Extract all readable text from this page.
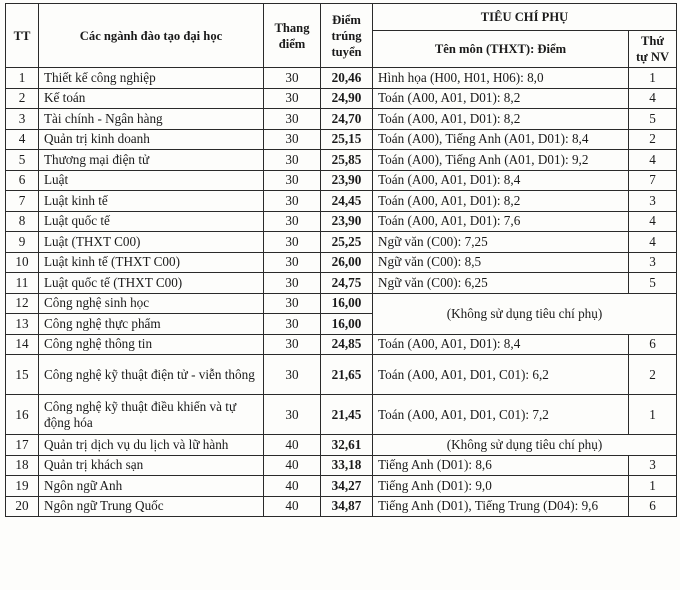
TT	Các ngành đào tạo đại học	Thang điểm	Điểm trúng tuyển	TIÊU CHÍ PHỤ	
				Tên môn (THXT): Điểm	Thứ tự NV
1	Thiết kế công nghiệp	30	20,46	Hình họa (H00, H01, H06): 8,0	1
2	Kế toán	30	24,90	Toán (A00, A01, D01): 8,2	4
3	Tài chính - Ngân hàng	30	24,70	Toán (A00, A01, D01): 8,2	5
4	Quản trị kinh doanh	30	25,15	Toán (A00), Tiếng Anh (A01, D01): 8,4	2
5	Thương mại điện tử	30	25,85	Toán (A00), Tiếng Anh (A01, D01): 9,2	4
6	Luật	30	23,90	Toán (A00, A01, D01): 8,4	7
7	Luật kinh tế	30	24,45	Toán (A00, A01, D01): 8,2	3
8	Luật quốc tế	30	23,90	Toán (A00, A01, D01): 7,6	4
9	Luật (THXT C00)	30	25,25	Ngữ văn (C00): 7,25	4
10	Luật kinh tế (THXT C00)	30	26,00	Ngữ văn (C00): 8,5	3
11	Luật quốc tế (THXT C00)	30	24,75	Ngữ văn (C00): 6,25	5
12	Công nghệ sinh học	30	16,00	(Không sử dụng tiêu chí phụ)	
13	Công nghệ thực phẩm	30	16,00		
14	Công nghệ thông tin	30	24,85	Toán (A00, A01, D01): 8,4	6
15	Công nghệ kỹ thuật điện tử - viễn thông	30	21,65	Toán (A00, A01, D01, C01): 6,2	2
16	Công nghệ kỹ thuật điều khiển và tự động hóa	30	21,45	Toán (A00, A01, D01, C01): 7,2	1
17	Quản trị dịch vụ du lịch và lữ hành	40	32,61	(Không sử dụng tiêu chí phụ)	
18	Quản trị khách sạn	40	33,18	Tiếng Anh (D01): 8,6	3
19	Ngôn ngữ Anh	40	34,27	Tiếng Anh (D01): 9,0	1
20	Ngôn ngữ Trung Quốc	40	34,87	Tiếng Anh (D01), Tiếng Trung (D04): 9,6	6
